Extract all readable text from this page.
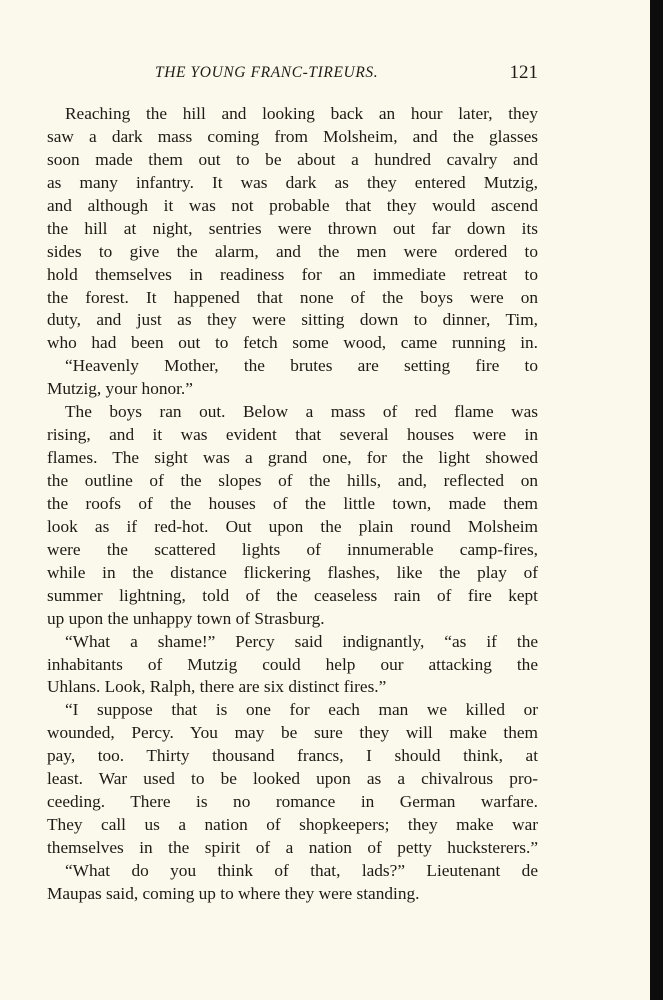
THE YOUNG FRANC-TIREURS.	121
Reaching the hill and looking back an hour later, they
saw a dark mass coming from Molsheim, and the glasses
soon made them out to be about a hundred cavalry and
as many infantry. It was dark as they entered Mutzig,
and although it was not probable that they would ascend
the hill at night, sentries were thrown out far down its
sides to give the alarm, and the men were ordered to
hold themselves in readiness for an immediate retreat to
the forest. It happened that none of the boys were on
duty, and just as they were sitting down to dinner, Tim,
who had been out to fetch some wood, came running in.
“Heavenly Mother, the brutes are setting fire to
Mutzig, your honor.”
The boys ran out. Below a mass of red flame was
rising, and it was evident that several houses were in
flames. The sight was a grand one, for the light showed
the outline of the slopes of the hills, and, reflected on
the roofs of the houses of the little town, made them
look as if red-hot. Out upon the plain round Molsheim
were the scattered lights of innumerable camp-fires,
while in the distance flickering flashes, like the play of
summer lightning, told of the ceaseless rain of fire kept
up upon the unhappy town of Strasburg.
“What a shame!” Percy said indignantly, “as if the
inhabitants of Mutzig could help our attacking the
Uhlans. Look, Ralph, there are six distinct fires.”
“I suppose that is one for each man we killed or
wounded, Percy. You may be sure they will make them
pay, too. Thirty thousand francs, I should think, at
least. War used to be looked upon as a chivalrous pro-
ceeding. There is no romance in German warfare.
They call us a nation of shopkeepers; they make war
themselves in the spirit of a nation of petty hucksterers.”
“What do you think of that, lads?” Lieutenant de
Maupas said, coming up to where they were standing.
